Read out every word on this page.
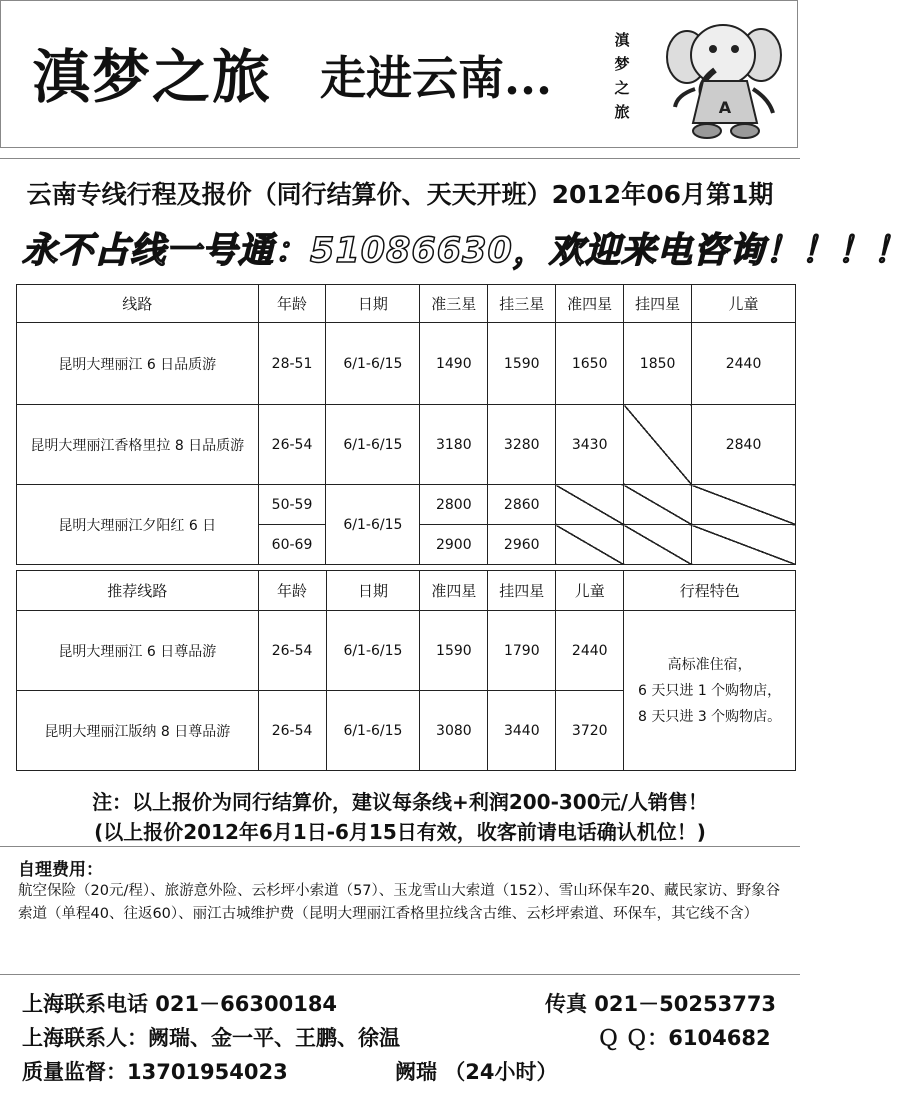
滇梦之旅 走进云南...
滇
梦
之
旅	A
云南专线行程及报价（同行结算价、天天开班）2012年06月第1期
永不占线一号通：51086630，欢迎来电咨询！！！！
线路	年龄	日期	准三星	挂三星	准四星	挂四星	儿童
昆明大理丽江 6 日品质游	28-51	6/1-6/15	1490	1590	1650	1850	2440
昆明大理丽江香格里拉 8 日品质游	26-54	6/1-6/15	3180	3280	3430		2840
昆明大理丽江夕阳红 6 日	50-59	6/1-6/15	2800	2860			
	60-69		2900	2960			
推荐线路	年龄	日期	准四星	挂四星	儿童	行程特色
昆明大理丽江 6 日尊品游	26-54	6/1-6/15	1590	1790	2440	高标准住宿，
6 天只进 1 个购物店，
8 天只进 3 个购物店。

昆明大理丽江版纳 8 日尊品游	26-54	6/1-6/15	3080	3440	3720	
注：以上报价为同行结算价，建议每条线+利润200-300元/人销售！
(以上报价2012年6月1日-6月15日有效，收客前请电话确认机位！)
自理费用：
航空保险（20元/程）、旅游意外险、云杉坪小索道（57）、玉龙雪山大索道（152）、雪山环保车20、藏民家访、野象谷索道（单程40、往返60）、丽江古城维护费（昆明大理丽江香格里拉线含古维、云杉坪索道、环保车，其它线不含）
上海联系电话 021－66300184	传真 021－50253773
上海联系人：阙瑞、金一平、王鹏、徐温	Ｑ Ｑ：6104682
质量监督：13701954023	阙瑞 （24小时）
